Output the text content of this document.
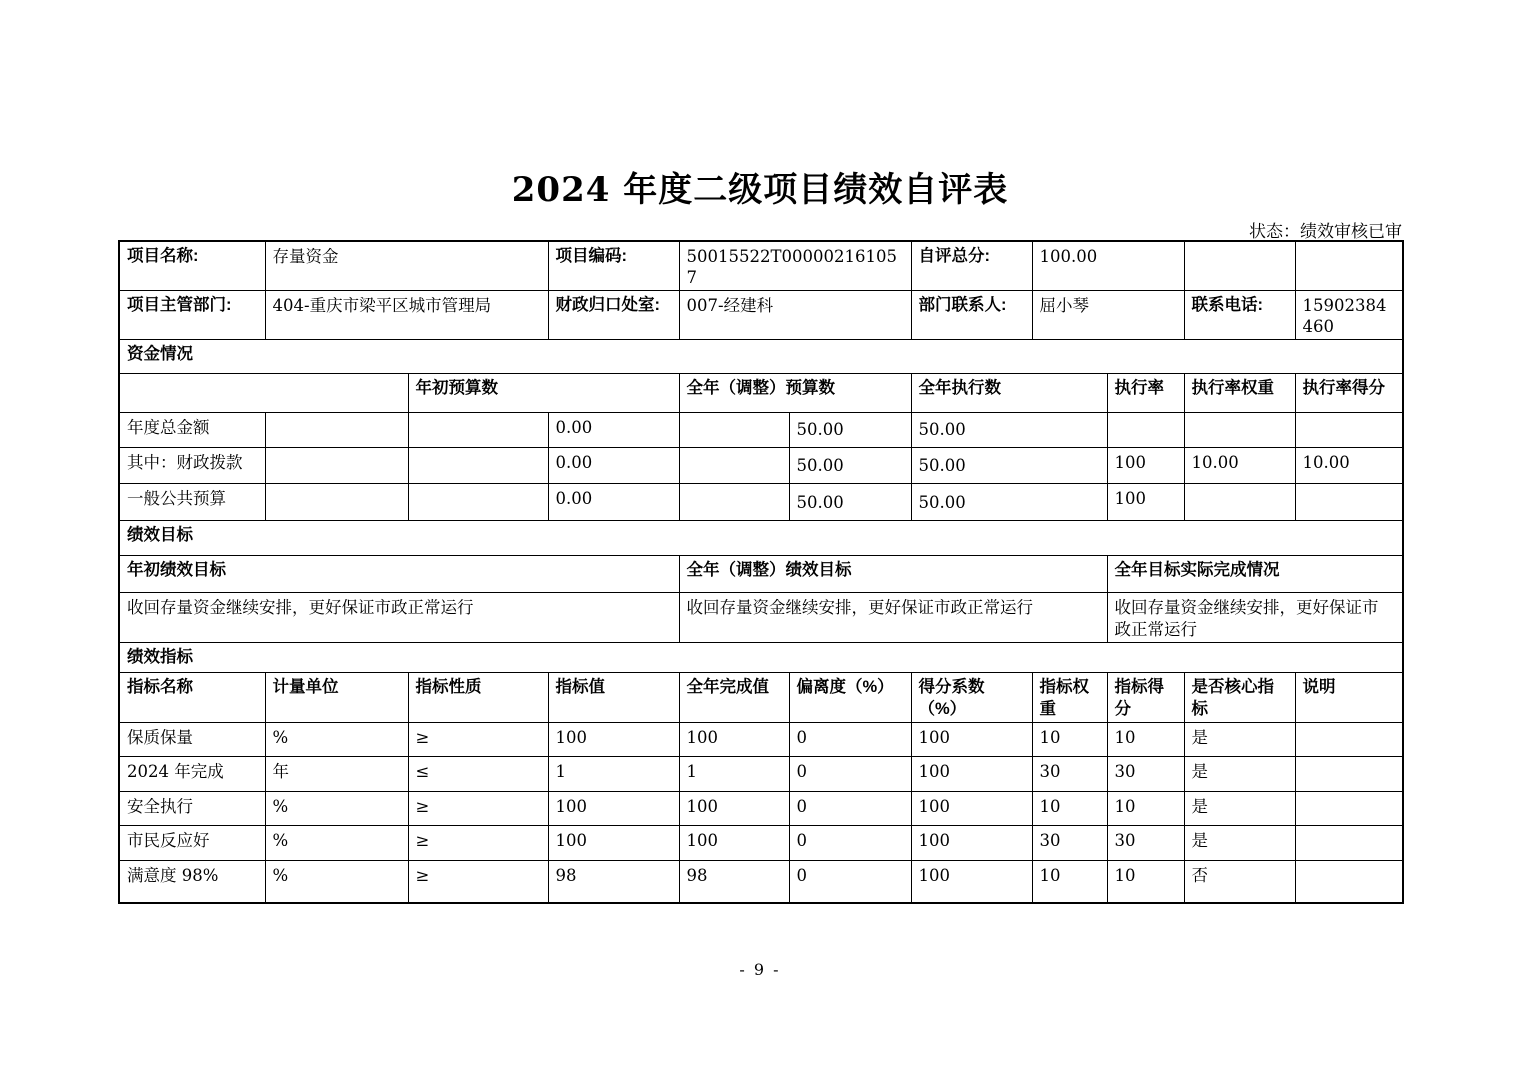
2024 年度二级项目绩效自评表
状态：绩效审核已审
项目名称:	存量资金		项目编码:	50015522T000002161057		自评总分:	100.00			
项目主管部门:	404-重庆市梁平区城市管理局		财政归口处室:	007-经建科		部门联系人:	屈小琴		联系电话:	15902384460
资金情况										
		年初预算数		全年（调整）预算数		全年执行数		执行率	执行率权重	执行率得分
年度总金额			0.00		50.00	50.00				
其中：财政拨款			0.00		50.00	50.00		100	10.00	10.00
一般公共预算			0.00		50.00	50.00		100		
绩效目标										
年初绩效目标				全年（调整）绩效目标				全年目标实际完成情况		
收回存量资金继续安排，更好保证市政正常运行				收回存量资金继续安排，更好保证市政正常运行				收回存量资金继续安排，更好保证市政正常运行		
绩效指标										
指标名称	计量单位	指标性质	指标值	全年完成值	偏离度（%）	得分系数（%）	指标权重	指标得分	是否核心指标	说明
保质保量	%	≥	100	100	0	100	10	10	是	
2024 年完成	年	≤	1	1	0	100	30	30	是	
安全执行	%	≥	100	100	0	100	10	10	是	
市民反应好	%	≥	100	100	0	100	30	30	是	
满意度 98%	%	≥	98	98	0	100	10	10	否	
- 9 -
